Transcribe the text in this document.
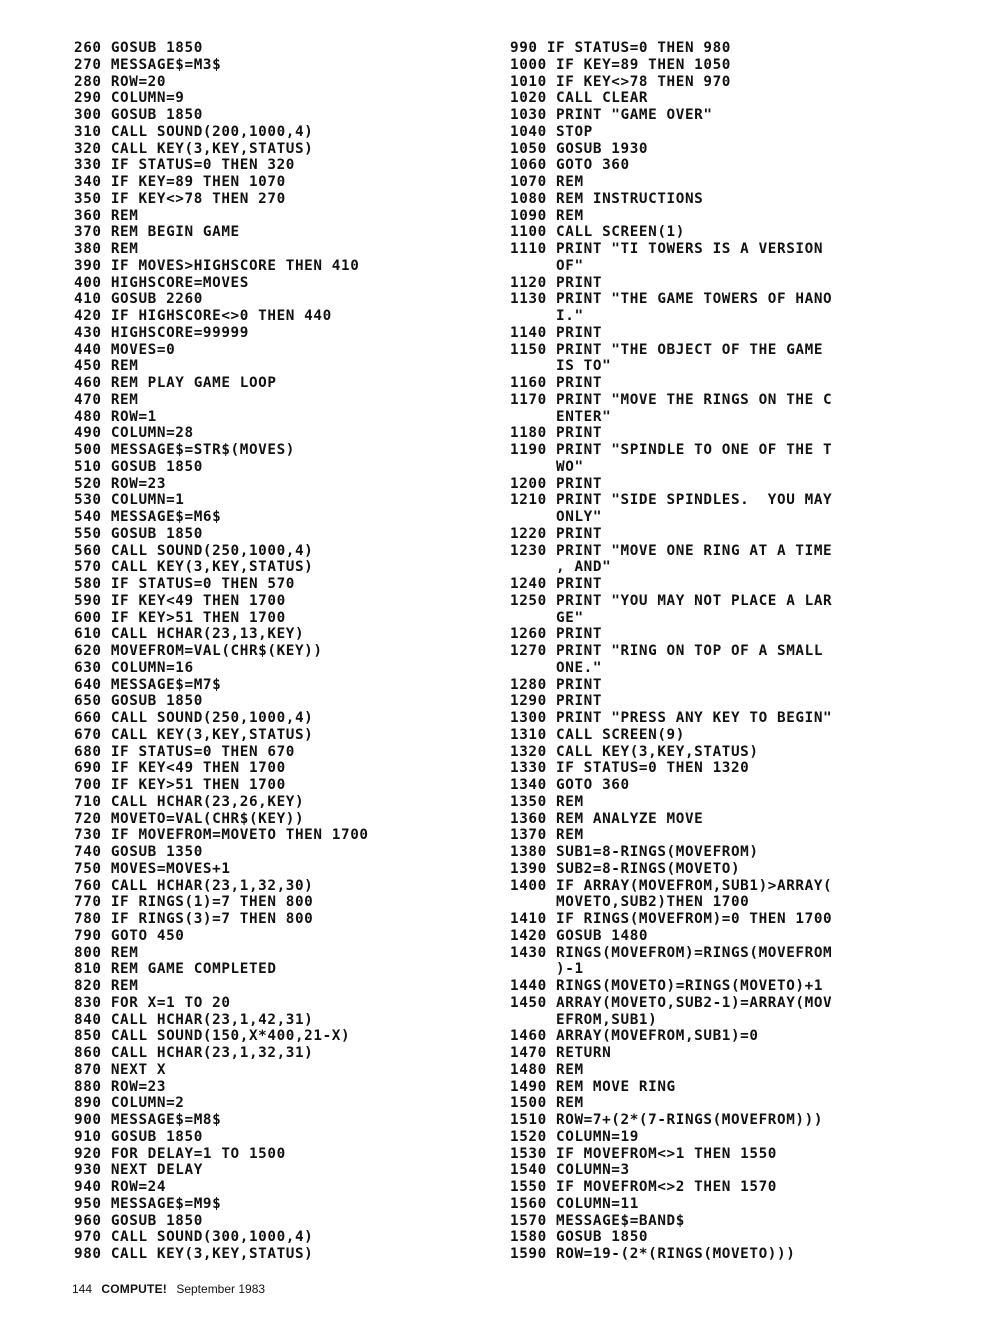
260 GOSUB 1850
270 MESSAGE$=M3$
280 ROW=20
290 COLUMN=9
300 GOSUB 1850
310 CALL SOUND(200,1000,4)
320 CALL KEY(3,KEY,STATUS)
330 IF STATUS=0 THEN 320
340 IF KEY=89 THEN 1070
350 IF KEY<>78 THEN 270
360 REM
370 REM BEGIN GAME
380 REM
390 IF MOVES>HIGHSCORE THEN 410
400 HIGHSCORE=MOVES
410 GOSUB 2260
420 IF HIGHSCORE<>0 THEN 440
430 HIGHSCORE=99999
440 MOVES=0
450 REM
460 REM PLAY GAME LOOP
470 REM
480 ROW=1
490 COLUMN=28
500 MESSAGE$=STR$(MOVES)
510 GOSUB 1850
520 ROW=23
530 COLUMN=1
540 MESSAGE$=M6$
550 GOSUB 1850
560 CALL SOUND(250,1000,4)
570 CALL KEY(3,KEY,STATUS)
580 IF STATUS=0 THEN 570
590 IF KEY<49 THEN 1700
600 IF KEY>51 THEN 1700
610 CALL HCHAR(23,13,KEY)
620 MOVEFROM=VAL(CHR$(KEY))
630 COLUMN=16
640 MESSAGE$=M7$
650 GOSUB 1850
660 CALL SOUND(250,1000,4)
670 CALL KEY(3,KEY,STATUS)
680 IF STATUS=0 THEN 670
690 IF KEY<49 THEN 1700
700 IF KEY>51 THEN 1700
710 CALL HCHAR(23,26,KEY)
720 MOVETO=VAL(CHR$(KEY))
730 IF MOVEFROM=MOVETO THEN 1700
740 GOSUB 1350
750 MOVES=MOVES+1
760 CALL HCHAR(23,1,32,30)
770 IF RINGS(1)=7 THEN 800
780 IF RINGS(3)=7 THEN 800
790 GOTO 450
800 REM
810 REM GAME COMPLETED
820 REM
830 FOR X=1 TO 20
840 CALL HCHAR(23,1,42,31)
850 CALL SOUND(150,X*400,21-X)
860 CALL HCHAR(23,1,32,31)
870 NEXT X
880 ROW=23
890 COLUMN=2
900 MESSAGE$=M8$
910 GOSUB 1850
920 FOR DELAY=1 TO 1500
930 NEXT DELAY
940 ROW=24
950 MESSAGE$=M9$
960 GOSUB 1850
970 CALL SOUND(300,1000,4)
980 CALL KEY(3,KEY,STATUS)
990 IF STATUS=0 THEN 980
1000 IF KEY=89 THEN 1050
1010 IF KEY<>78 THEN 970
1020 CALL CLEAR
1030 PRINT "GAME OVER"
1040 STOP
1050 GOSUB 1930
1060 GOTO 360
1070 REM
1080 REM INSTRUCTIONS
1090 REM
1100 CALL SCREEN(1)
1110 PRINT "TI TOWERS IS A VERSION
OF"
1120 PRINT
1130 PRINT "THE GAME TOWERS OF HANO
I."
1140 PRINT
1150 PRINT "THE OBJECT OF THE GAME
IS TO"
1160 PRINT
1170 PRINT "MOVE THE RINGS ON THE C
ENTER"
1180 PRINT
1190 PRINT "SPINDLE TO ONE OF THE T
WO"
1200 PRINT
1210 PRINT "SIDE SPINDLES.  YOU MAY
ONLY"
1220 PRINT
1230 PRINT "MOVE ONE RING AT A TIME
, AND"
1240 PRINT
1250 PRINT "YOU MAY NOT PLACE A LAR
GE"
1260 PRINT
1270 PRINT "RING ON TOP OF A SMALL
ONE."
1280 PRINT
1290 PRINT
1300 PRINT "PRESS ANY KEY TO BEGIN"
1310 CALL SCREEN(9)
1320 CALL KEY(3,KEY,STATUS)
1330 IF STATUS=0 THEN 1320
1340 GOTO 360
1350 REM
1360 REM ANALYZE MOVE
1370 REM
1380 SUB1=8-RINGS(MOVEFROM)
1390 SUB2=8-RINGS(MOVETO)
1400 IF ARRAY(MOVEFROM,SUB1)>ARRAY(
MOVETO,SUB2)THEN 1700
1410 IF RINGS(MOVEFROM)=0 THEN 1700
1420 GOSUB 1480
1430 RINGS(MOVEFROM)=RINGS(MOVEFROM
)-1
1440 RINGS(MOVETO)=RINGS(MOVETO)+1
1450 ARRAY(MOVETO,SUB2-1)=ARRAY(MOV
EFROM,SUB1)
1460 ARRAY(MOVEFROM,SUB1)=0
1470 RETURN
1480 REM
1490 REM MOVE RING
1500 REM
1510 ROW=7+(2*(7-RINGS(MOVEFROM)))
1520 COLUMN=19
1530 IF MOVEFROM<>1 THEN 1550
1540 COLUMN=3
1550 IF MOVEFROM<>2 THEN 1570
1560 COLUMN=11
1570 MESSAGE$=BAND$
1580 GOSUB 1850
1590 ROW=19-(2*(RINGS(MOVETO)))
144 COMPUTE! September 1983
